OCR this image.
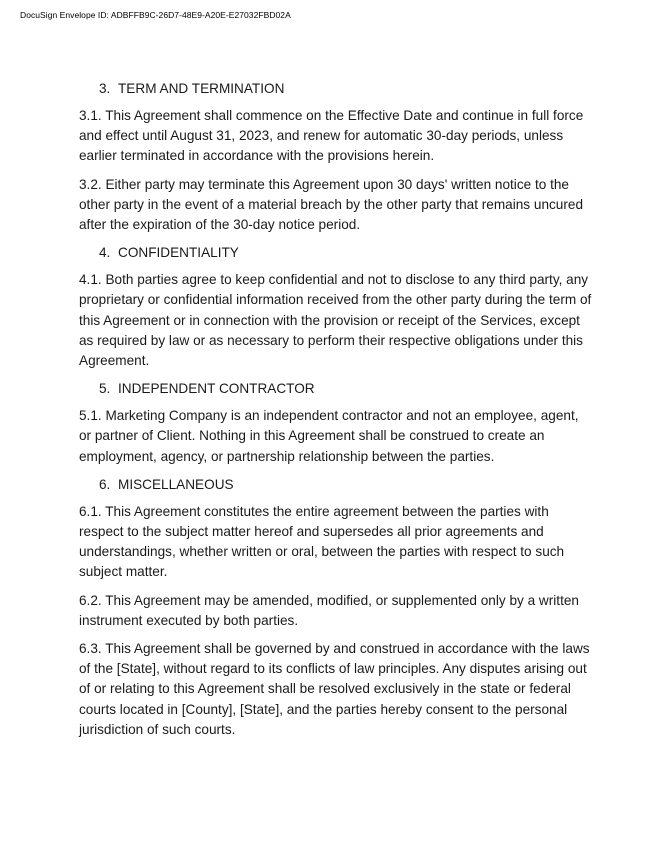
DocuSign Envelope ID: ADBFFB9C-26D7-48E9-A20E-E27032FBD02A
3. TERM AND TERMINATION

3.1. This Agreement shall commence on the Effective Date and continue in full force and effect until August 31, 2023, and renew for automatic 30-day periods, unless earlier terminated in accordance with the provisions herein.

3.2. Either party may terminate this Agreement upon 30 days' written notice to the other party in the event of a material breach by the other party that remains uncured after the expiration of the 30-day notice period.

4. CONFIDENTIALITY

4.1. Both parties agree to keep confidential and not to disclose to any third party, any proprietary or confidential information received from the other party during the term of this Agreement or in connection with the provision or receipt of the Services, except as required by law or as necessary to perform their respective obligations under this Agreement.

5. INDEPENDENT CONTRACTOR

5.1. Marketing Company is an independent contractor and not an employee, agent, or partner of Client. Nothing in this Agreement shall be construed to create an employment, agency, or partnership relationship between the parties.

6. MISCELLANEOUS

6.1. This Agreement constitutes the entire agreement between the parties with respect to the subject matter hereof and supersedes all prior agreements and understandings, whether written or oral, between the parties with respect to such subject matter.

6.2. This Agreement may be amended, modified, or supplemented only by a written instrument executed by both parties.

6.3. This Agreement shall be governed by and construed in accordance with the laws of the [State], without regard to its conflicts of law principles. Any disputes arising out of or relating to this Agreement shall be resolved exclusively in the state or federal courts located in [County], [State], and the parties hereby consent to the personal jurisdiction of such courts.
